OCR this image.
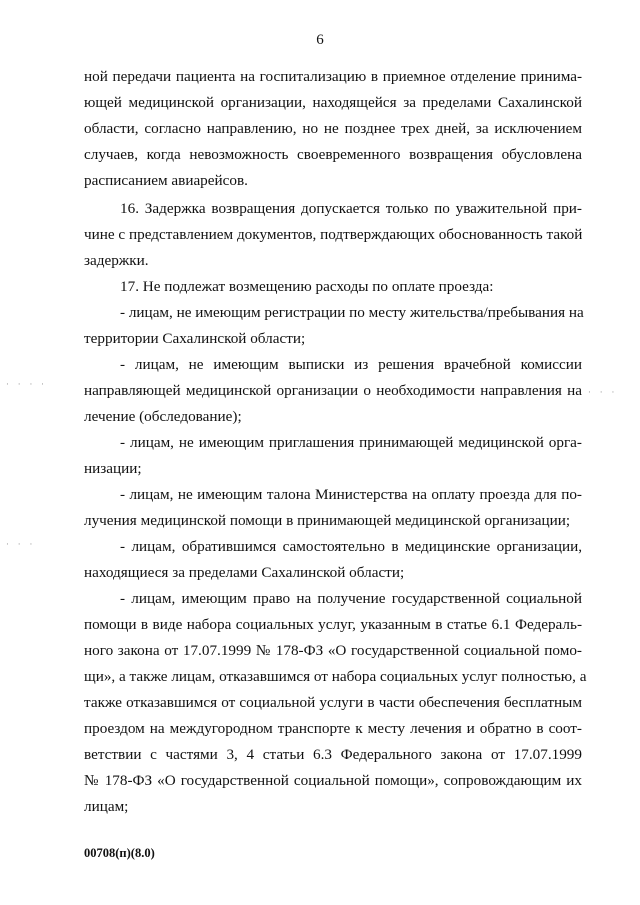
6
ной передачи пациента на госпитализацию в приемное отделение принима-
ющей медицинской организации, находящейся за пределами Сахалинской
области, согласно направлению, но не позднее трех дней, за исключением
случаев, когда невозможность своевременного возвращения обусловлена
расписанием авиарейсов.
16. Задержка возвращения допускается только по уважительной при-
чине с представлением документов, подтверждающих обоснованность такой
задержки.
17. Не подлежат возмещению расходы по оплате проезда:
- лицам, не имеющим регистрации по месту жительства/пребывания на
территории Сахалинской области;
- лицам, не имеющим выписки из решения врачебной комиссии
направляющей медицинской организации о необходимости направления на
лечение (обследование);
- лицам, не имеющим приглашения принимающей медицинской орга-
низации;
- лицам, не имеющим талона Министерства на оплату проезда для по-
лучения медицинской помощи в принимающей медицинской организации;
- лицам, обратившимся самостоятельно в медицинские организации,
находящиеся за пределами Сахалинской области;
- лицам, имеющим право на получение государственной социальной
помощи в виде набора социальных услуг, указанным в статье 6.1 Федераль-
ного закона от 17.07.1999 № 178-ФЗ «О государственной социальной помо-
щи», а также лицам, отказавшимся от набора социальных услуг полностью, а
также отказавшимся от социальной услуги в части обеспечения бесплатным
проездом на междугородном транспорте к месту лечения и обратно в соот-
ветствии с частями 3, 4 статьи 6.3 Федерального закона от 17.07.1999
№ 178-ФЗ «О государственной социальной помощи», сопровождающим их
лицам;
· · · ·
· · ·
· · ·
00708(п)(8.0)
